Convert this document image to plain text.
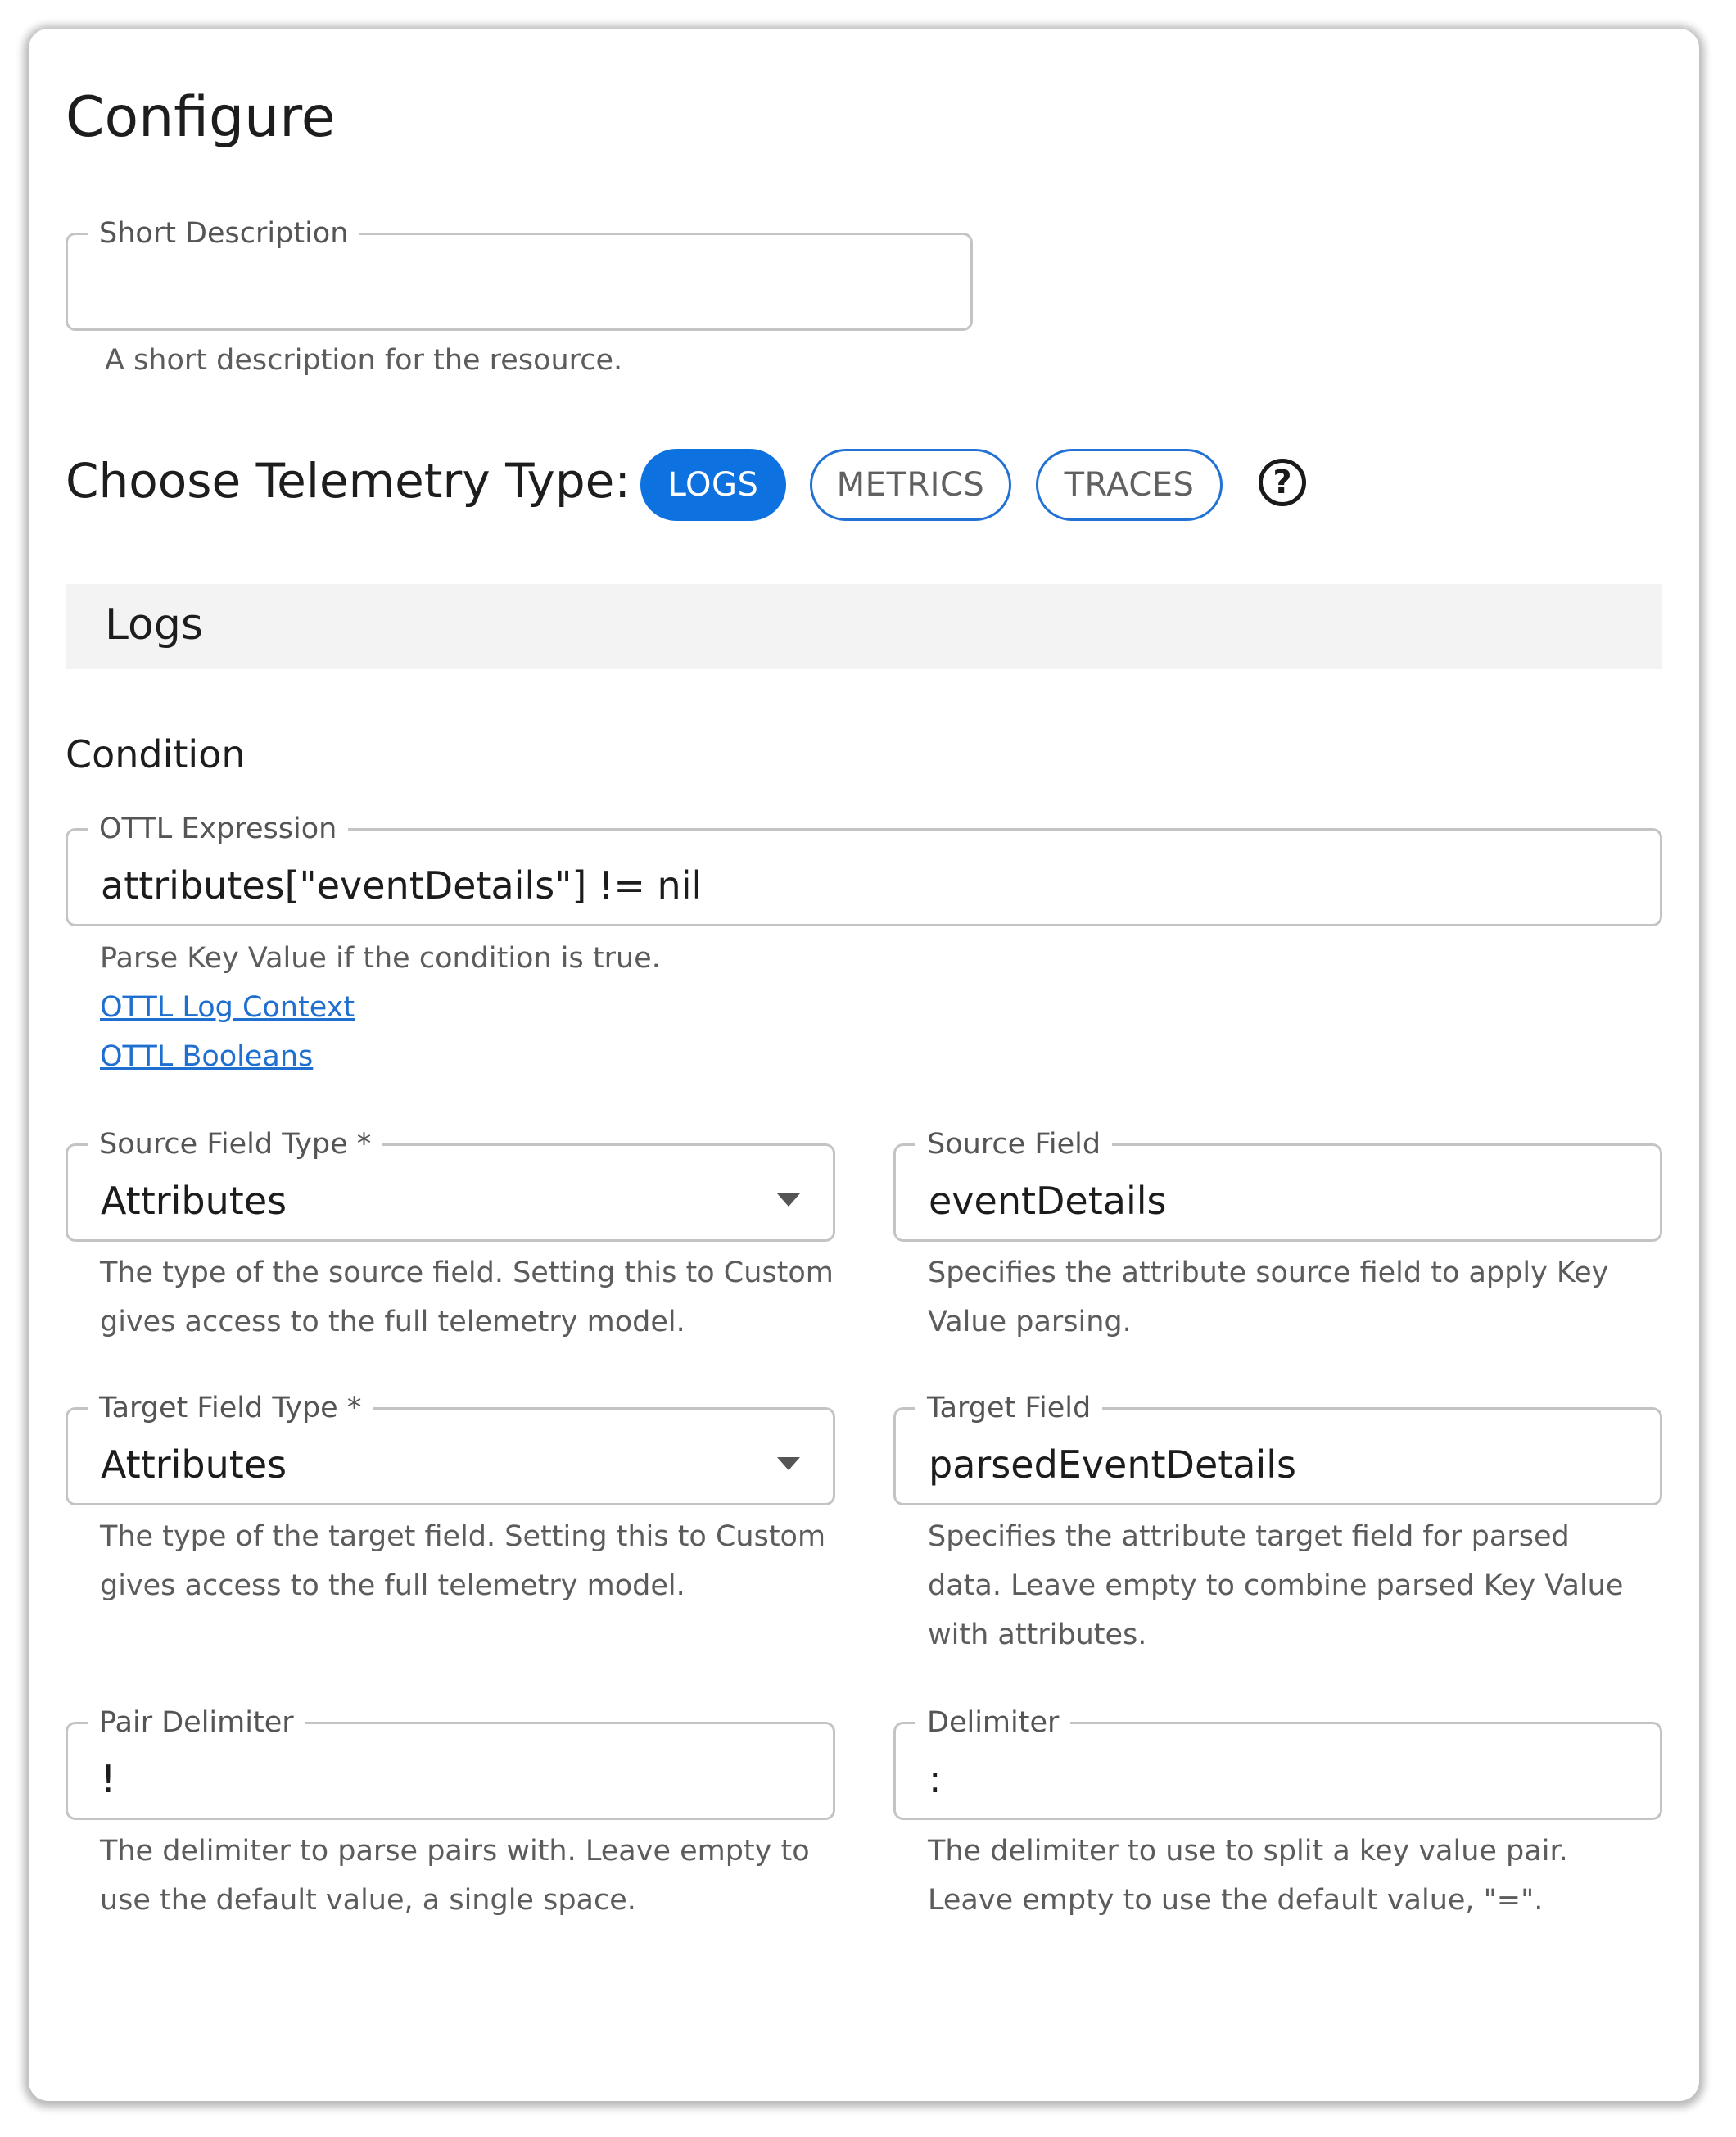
Configure
Short Description
A short description for the resource.
Choose Telemetry Type:	LOGS	METRICS	TRACES	?
Logs
Condition
OTTL Expression
attributes["eventDetails"] != nil
Parse Key Value if the condition is true.
OTTL Log Context
OTTL Booleans
Source Field Type *
Attributes
The type of the source field. Setting this to Custom
gives access to the full telemetry model.
Source Field
eventDetails
Specifies the attribute source field to apply Key
Value parsing.
Target Field Type *
Attributes
The type of the target field. Setting this to Custom
gives access to the full telemetry model.
Target Field
parsedEventDetails
Specifies the attribute target field for parsed
data. Leave empty to combine parsed Key Value
with attributes.
Pair Delimiter
!
The delimiter to parse pairs with. Leave empty to
use the default value, a single space.
Delimiter
:
The delimiter to use to split a key value pair.
Leave empty to use the default value, "=".
